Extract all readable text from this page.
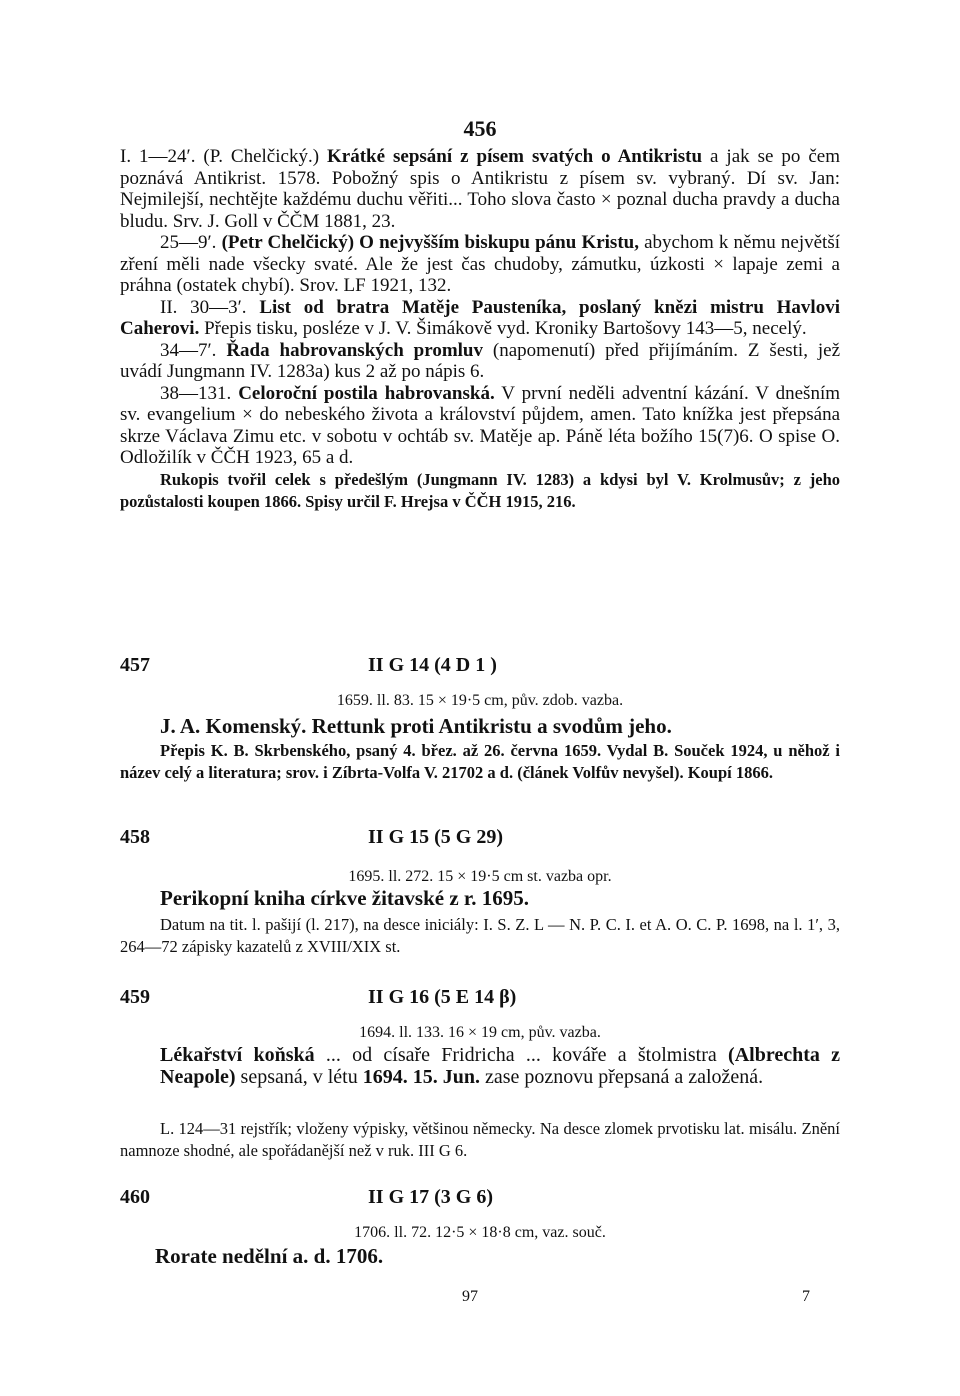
456

I. 1—24′. (P. Chelčický.) Krátké sepsání z písem svatých o Antikristu a jak se po čem poznává Antikrist. 1578. Pobožný spis o Antikristu z písem sv. vybraný. Dí sv. Jan: Nejmilejší, nechtějte každému duchu věřiti... Toho slova často × poznal ducha pravdy a ducha bludu. Srv. J. Goll v ČČM 1881, 23.

25—9′. (Petr Chelčický) O nejvyšším biskupu pánu Kristu, abychom k němu největší zření měli nade všecky svaté. Ale že jest čas chudoby, zámutku, úzkosti × lapaje zemi a práhna (ostatek chybí). Srov. LF 1921, 132.

II. 30—3′. List od bratra Matěje Pausteníka, poslaný knězi mistru Havlovi Caherovi. Přepis tisku, posléze v J. V. Šimákově vyd. Kroniky Bartošovy 143—5, necelý.

34—7′. Řada habrovanských promluv (napomenutí) před přijímáním. Z šesti, jež uvádí Jungmann IV. 1283a) kus 2 až po nápis 6.

38—131. Celoroční postila habrovanská. V první neděli adventní kázání. V dnešním sv. evangelium × do nebeského života a království půjdem, amen. Tato knížka jest přepsána skrze Václava Zimu etc. v sobotu v ochtáb sv. Matěje ap. Páně léta božího 15(7)6. O spise O. Odložilík v ČČH 1923, 65 a d.

Rukopis tvořil celek s předešlým (Jungmann IV. 1283) a kdysi byl V. Krolmusův; z jeho pozůstalosti koupen 1866. Spisy určil F. Hrejsa v ČČH 1915, 216.

457	II G 14 (4 D 1 )
1659. ll. 83. 15 × 19·5 cm, pův. zdob. vazba.
J. A. Komenský. Rettunk proti Antikristu a svodům jeho.

Přepis K. B. Skrbenského, psaný 4. břez. až 26. června 1659. Vydal B. Souček 1924, u něhož i název celý a literatura; srov. i Zíbrta-Volfa V. 21702 a d. (článek Volfův nevyšel). Koupí 1866.

458	II G 15 (5 G 29)
1695. ll. 272. 15 × 19·5 cm st. vazba opr.
Perikopní kniha církve žitavské z r. 1695.

Datum na tit. l. pašijí (l. 217), na desce iniciály: I. S. Z. L — N. P. C. I. et A. O. C. P. 1698, na l. 1′, 3, 264—72 zápisky kazatelů z XVIII/XIX st.

459	II G 16 (5 E 14 β)
1694. ll. 133. 16 × 19 cm, pův. vazba.
Lékařství koňská ... od císaře Fridricha ... kováře a štolmistra (Albrechta z Neapole) sepsaná, v létu 1694. 15. Jun. zase poznovu přepsaná a založená.

L. 124—31 rejstřík; vloženy výpisky, většinou německy. Na desce zlomek prvotisku lat. misálu. Znění namnoze shodné, ale spořádanější než v ruk. III G 6.

460	II G 17 (3 G 6)
1706. ll. 72. 12·5 × 18·8 cm, vaz. souč.
Rorate nedělní a. d. 1706.
97	7
